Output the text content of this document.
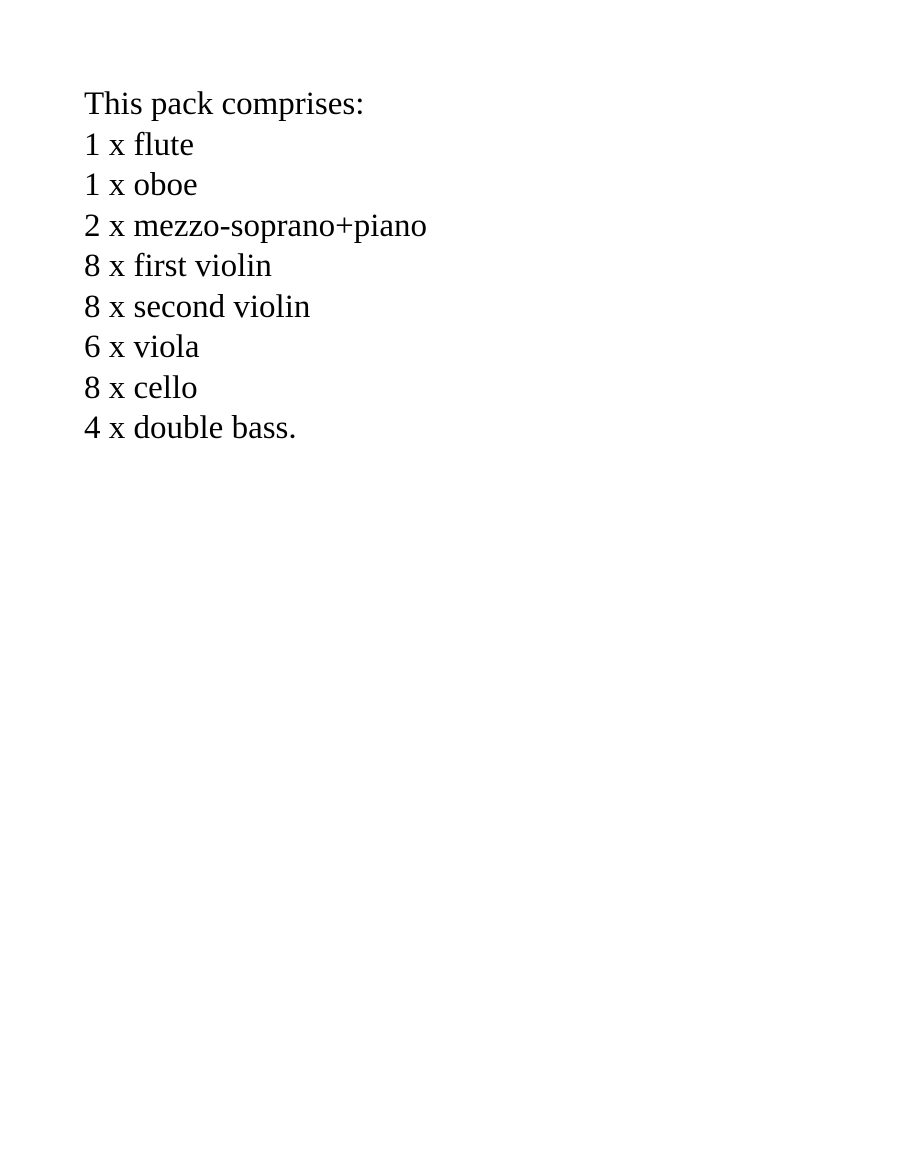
This pack comprises:

1 x flute

1 x oboe

2 x mezzo-soprano+piano

8 x first violin

8 x second violin

6 x viola

8 x cello

4 x double bass.
